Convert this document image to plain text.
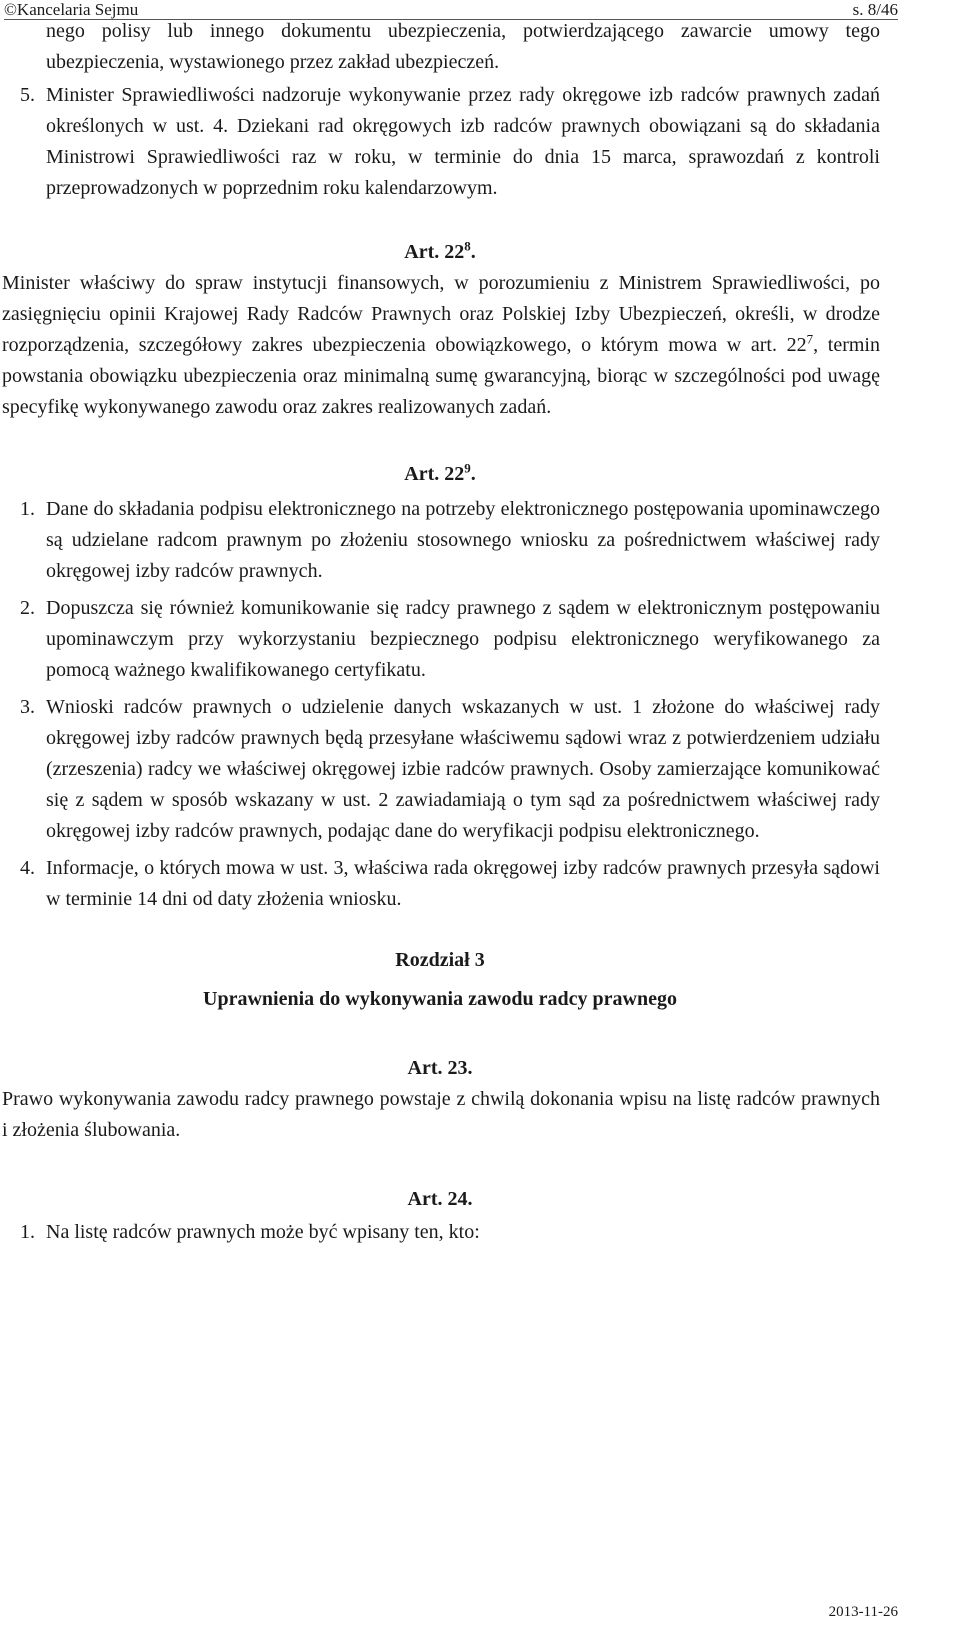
©Kancelaria Sejmu	s. 8/46

nego polisy lub innego dokumentu ubezpieczenia, potwierdzającego zawarcie umowy tego ubezpieczenia, wystawionego przez zakład ubezpieczeń.

5. Minister Sprawiedliwości nadzoruje wykonywanie przez rady okręgowe izb radców prawnych zadań określonych w ust. 4. Dziekani rad okręgowych izb radców prawnych obowiązani są do składania Ministrowi Sprawiedliwości raz w roku, w terminie do dnia 15 marca, sprawozdań z kontroli przeprowadzonych w poprzednim roku kalendarzowym.

Art. $22^8$.

Minister właściwy do spraw instytucji finansowych, w porozumieniu z Ministrem Sprawiedliwości, po zasięgnięciu opinii Krajowej Rady Radców Prawnych oraz Polskiej Izby Ubezpieczeń, określi, w drodze rozporządzenia, szczegółowy zakres ubezpieczenia obowiązkowego, o którym mowa w art. $22^7$, termin powstania obowiązku ubezpieczenia oraz minimalną sumę gwarancyjną, biorąc w szczególności pod uwagę specyfikę wykonywanego zawodu oraz zakres realizowanych zadań.

Art. $22^9$.

1. Dane do składania podpisu elektronicznego na potrzeby elektronicznego postępowania upominawczego są udzielane radcom prawnym po złożeniu stosownego wniosku za pośrednictwem właściwej rady okręgowej izby radców prawnych.

2. Dopuszcza się również komunikowanie się radcy prawnego z sądem w elektronicznym postępowaniu upominawczym przy wykorzystaniu bezpiecznego podpisu elektronicznego weryfikowanego za pomocą ważnego kwalifikowanego certyfikatu.

3. Wnioski radców prawnych o udzielenie danych wskazanych w ust. 1 złożone do właściwej rady okręgowej izby radców prawnych będą przesyłane właściwemu sądowi wraz z potwierdzeniem udziału (zrzeszenia) radcy we właściwej okręgowej izbie radców prawnych. Osoby zamierzające komunikować się z sądem w sposób wskazany w ust. 2 zawiadamiają o tym sąd za pośrednictwem właściwej rady okręgowej izby radców prawnych, podając dane do weryfikacji podpisu elektronicznego.

4. Informacje, o których mowa w ust. 3, właściwa rada okręgowej izby radców prawnych przesyła sądowi w terminie 14 dni od daty złożenia wniosku.

Rozdział 3

Uprawnienia do wykonywania zawodu radcy prawnego

Art. 23.

Prawo wykonywania zawodu radcy prawnego powstaje z chwilą dokonania wpisu na listę radców prawnych i złożenia ślubowania.

Art. 24.

1. Na listę radców prawnych może być wpisany ten, kto:

2013-11-26
